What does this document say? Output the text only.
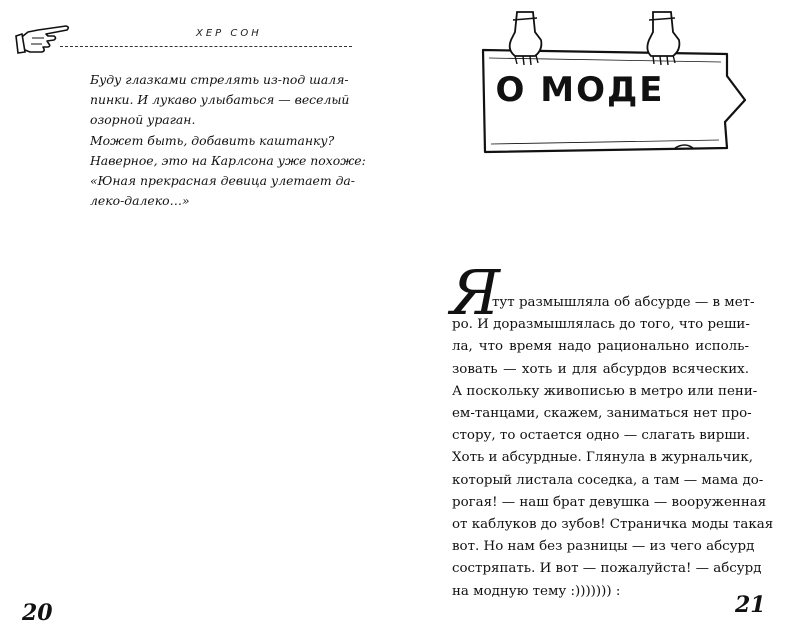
ХЕР СОН
Буду глазками стрелять из-под шаля-
пинки. И лукаво улыбаться — веселый
озорной ураган.
Может быть, добавить каштанку?
Наверное, это на Карлсона уже похоже:
«Юная прекрасная девица улетает да-
леко-далеко…»
20
О МОДЕ
Я
тут размышляла об абсурде — в мет-
ро. И доразмышлялась до того, что реши-
ла, что время надо рационально исполь-
зовать — хоть и для абсурдов всяческих.
А поскольку живописью в метро или пени-
ем-танцами, скажем, заниматься нет про-
стору, то остается одно — слагать вирши.
Хоть и абсурдные. Глянула в журнальчик,
который листала соседка, а там — мама до-
рогая! — наш брат девушка — вооруженная
от каблуков до зубов! Страничка моды такая
вот. Но нам без разницы — из чего абсурд
состряпать. И вот — пожалуйста! — абсурд
на модную тему :))))))) :
21
